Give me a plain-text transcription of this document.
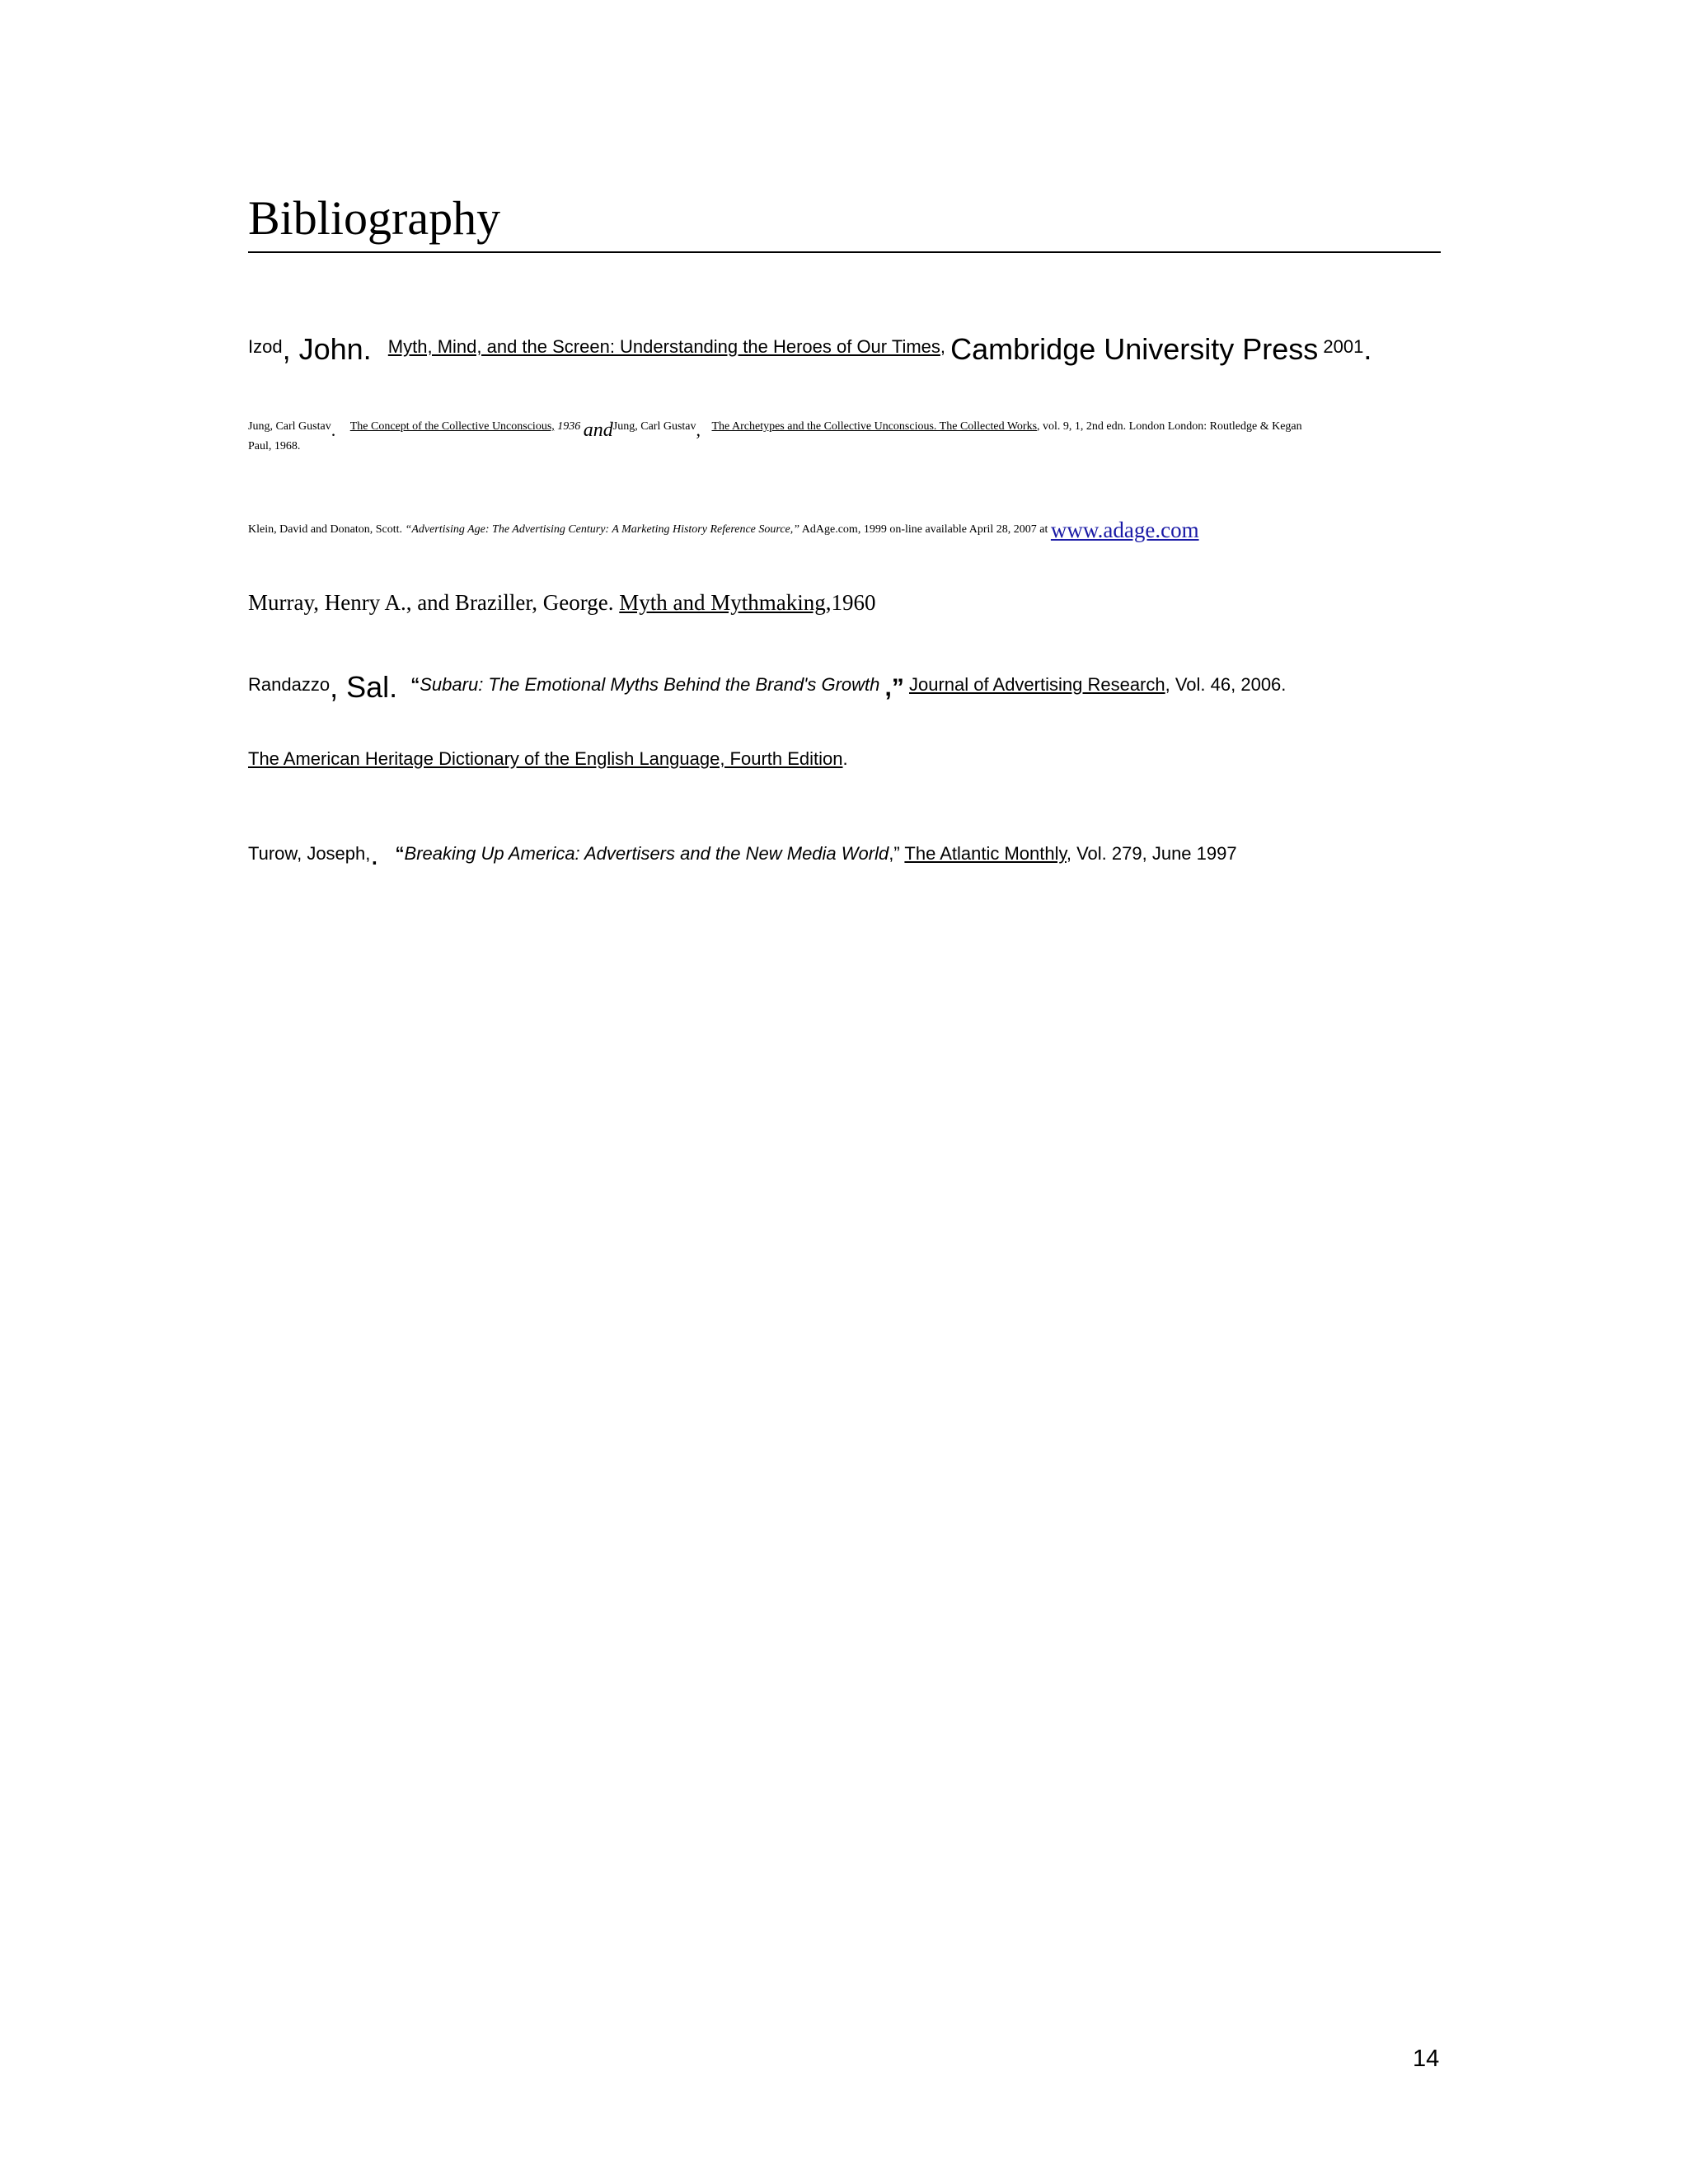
Bibliography
Izod, John. Myth, Mind, and the Screen: Understanding the Heroes of Our Times, Cambridge University Press 2001.
Jung, Carl Gustav. The Concept of the Collective Unconscious, 1936 andJung, Carl Gustav, The Archetypes and the Collective Unconscious. The Collected Works, vol. 9, 1, 2nd edn. London London: Routledge & Kegan
Paul, 1968.
Klein, David and Donaton, Scott. “Advertising Age: The Advertising Century: A Marketing History Reference Source,” AdAge.com, 1999 on-line available April 28, 2007 at www.adage.com
Murray, Henry A., and Braziller, George. Myth and Mythmaking,1960
Randazzo, Sal. “Subaru: The Emotional Myths Behind the Brand's Growth ,” Journal of Advertising Research, Vol. 46, 2006.
The American Heritage Dictionary of the English Language, Fourth Edition.
Turow, Joseph,. “Breaking Up America: Advertisers and the New Media World,” The Atlantic Monthly, Vol. 279, June 1997
14
